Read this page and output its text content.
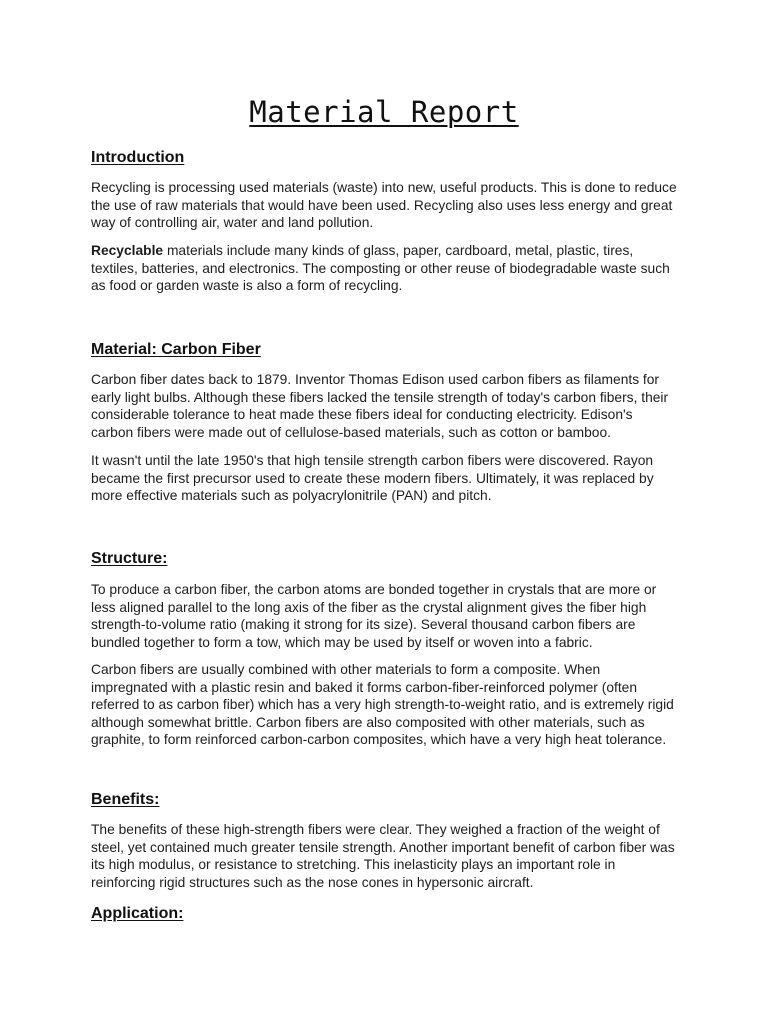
Material Report
Introduction
Recycling is processing used materials (waste) into new, useful products. This is done to reduce
the use of raw materials that would have been used. Recycling also uses less energy and great
way of controlling air, water and land pollution.
Recyclable materials include many kinds of glass, paper, cardboard, metal, plastic, tires,
textiles, batteries, and electronics. The composting or other reuse of biodegradable waste such
as food or garden waste is also a form of recycling.
Material: Carbon Fiber
Carbon fiber dates back to 1879. Inventor Thomas Edison used carbon fibers as filaments for
early light bulbs. Although these fibers lacked the tensile strength of today's carbon fibers, their
considerable tolerance to heat made these fibers ideal for conducting electricity. Edison's
carbon fibers were made out of cellulose-based materials, such as cotton or bamboo.
It wasn't until the late 1950's that high tensile strength carbon fibers were discovered. Rayon
became the first precursor used to create these modern fibers. Ultimately, it was replaced by
more effective materials such as polyacrylonitrile (PAN) and pitch.
Structure:
To produce a carbon fiber, the carbon atoms are bonded together in crystals that are more or
less aligned parallel to the long axis of the fiber as the crystal alignment gives the fiber high
strength-to-volume ratio (making it strong for its size). Several thousand carbon fibers are
bundled together to form a tow, which may be used by itself or woven into a fabric.
Carbon fibers are usually combined with other materials to form a composite. When
impregnated with a plastic resin and baked it forms carbon-fiber-reinforced polymer (often
referred to as carbon fiber) which has a very high strength-to-weight ratio, and is extremely rigid
although somewhat brittle. Carbon fibers are also composited with other materials, such as
graphite, to form reinforced carbon-carbon composites, which have a very high heat tolerance.
Benefits:
The benefits of these high-strength fibers were clear. They weighed a fraction of the weight of
steel, yet contained much greater tensile strength. Another important benefit of carbon fiber was
its high modulus, or resistance to stretching. This inelasticity plays an important role in
reinforcing rigid structures such as the nose cones in hypersonic aircraft.
Application:
